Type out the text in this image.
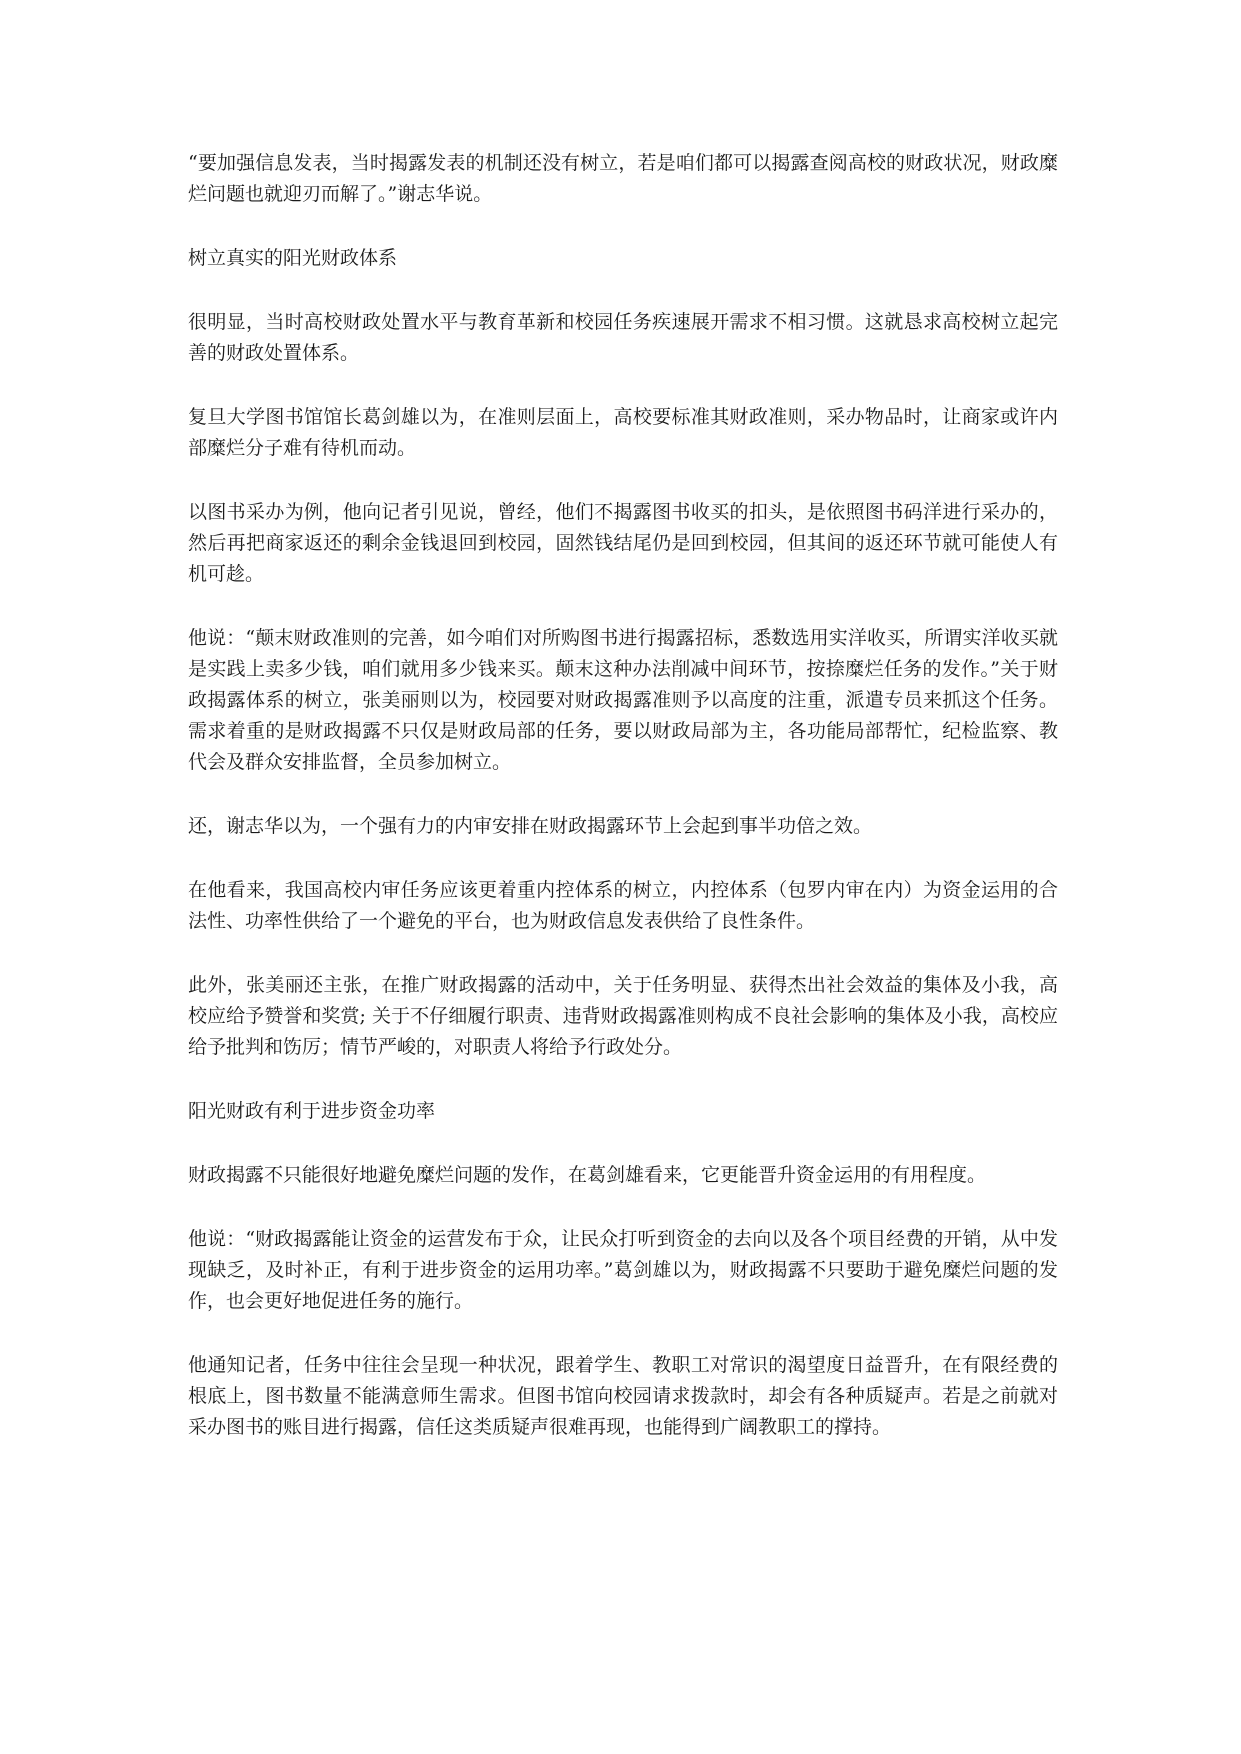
“要加强信息发表，当时揭露发表的机制还没有树立，若是咱们都可以揭露查阅高校的财政状况，财政糜烂问题也就迎刃而解了。”谢志华说。

树立真实的阳光财政体系

很明显，当时高校财政处置水平与教育革新和校园任务疾速展开需求不相习惯。这就恳求高校树立起完善的财政处置体系。

复旦大学图书馆馆长葛剑雄以为，在准则层面上，高校要标准其财政准则，采办物品时，让商家或许内部糜烂分子难有待机而动。

以图书采办为例，他向记者引见说，曾经，他们不揭露图书收买的扣头，是依照图书码洋进行采办的，然后再把商家返还的剩余金钱退回到校园，固然钱结尾仍是回到校园，但其间的返还环节就可能使人有机可趁。

他说：“颠末财政准则的完善，如今咱们对所购图书进行揭露招标，悉数选用实洋收买，所谓实洋收买就是实践上卖多少钱，咱们就用多少钱来买。颠末这种办法削减中间环节，按捺糜烂任务的发作。”关于财政揭露体系的树立，张美丽则以为，校园要对财政揭露准则予以高度的注重，派遣专员来抓这个任务。需求着重的是财政揭露不只仅是财政局部的任务，要以财政局部为主，各功能局部帮忙，纪检监察、教代会及群众安排监督，全员参加树立。

还，谢志华以为，一个强有力的内审安排在财政揭露环节上会起到事半功倍之效。

在他看来，我国高校内审任务应该更着重内控体系的树立，内控体系（包罗内审在内）为资金运用的合法性、功率性供给了一个避免的平台，也为财政信息发表供给了良性条件。

此外，张美丽还主张，在推广财政揭露的活动中，关于任务明显、获得杰出社会效益的集体及小我，高校应给予赞誉和奖赏; 关于不仔细履行职责、违背财政揭露准则构成不良社会影响的集体及小我，高校应给予批判和饬厉；情节严峻的，对职责人将给予行政处分。

阳光财政有利于进步资金功率

财政揭露不只能很好地避免糜烂问题的发作，在葛剑雄看来，它更能晋升资金运用的有用程度。

他说：“财政揭露能让资金的运营发布于众，让民众打听到资金的去向以及各个项目经费的开销，从中发现缺乏，及时补正，有利于进步资金的运用功率。”葛剑雄以为，财政揭露不只要助于避免糜烂问题的发作，也会更好地促进任务的施行。

他通知记者，任务中往往会呈现一种状况，跟着学生、教职工对常识的渴望度日益晋升，在有限经费的根底上，图书数量不能满意师生需求。但图书馆向校园请求拨款时，却会有各种质疑声。若是之前就对采办图书的账目进行揭露，信任这类质疑声很难再现，也能得到广阔教职工的撑持。
